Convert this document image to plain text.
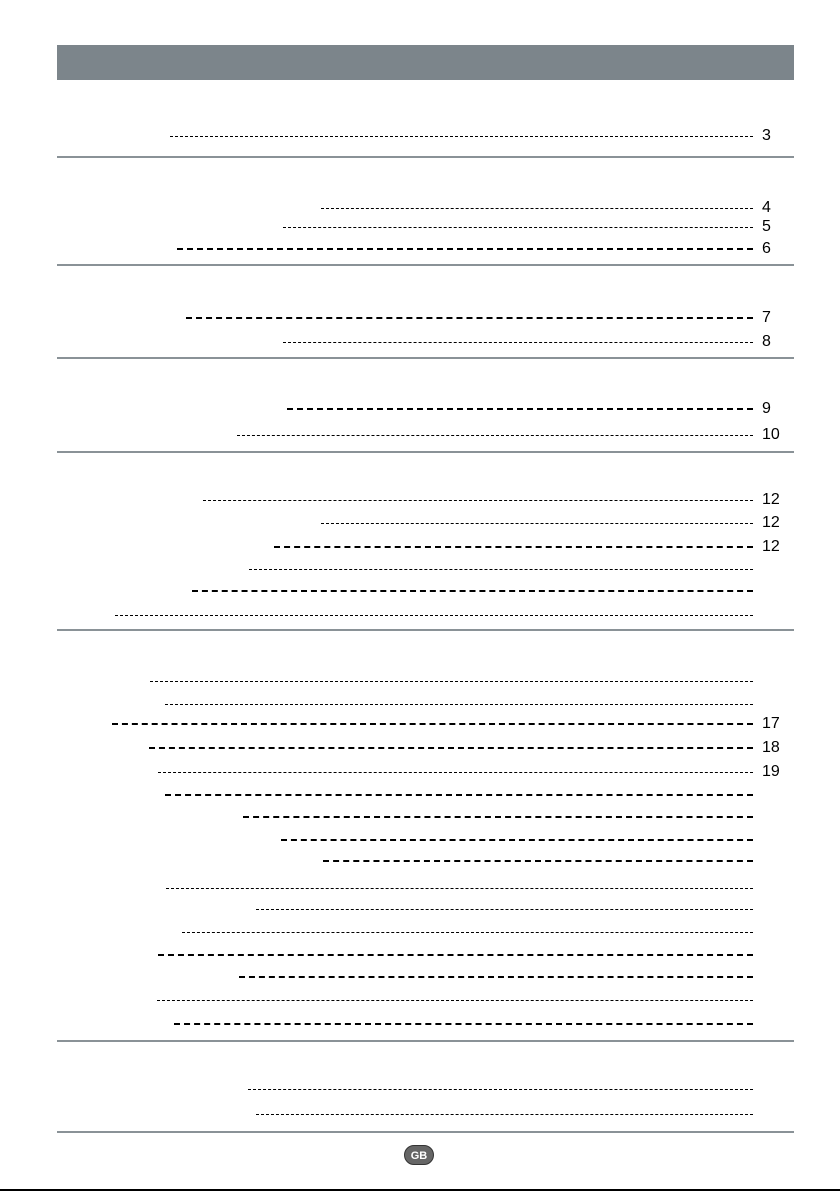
3
4
5
6
7
8
9
10
12
12
12
17
18
19
GB
